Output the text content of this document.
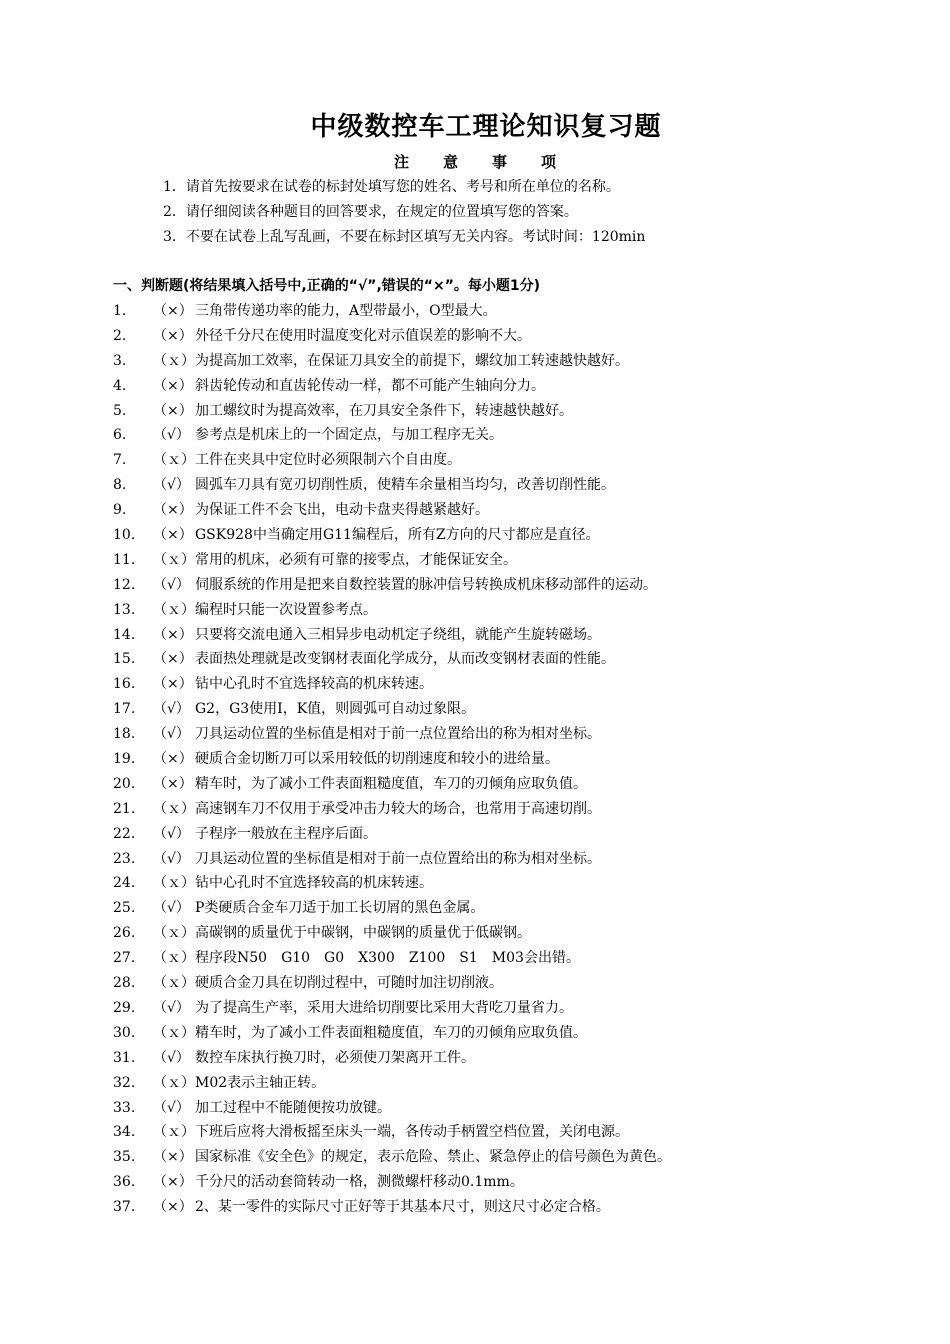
中级数控车工理论知识复习题
注意事项
1．请首先按要求在试卷的标封处填写您的姓名、考号和所在单位的名称。
2．请仔细阅读各种题目的回答要求，在规定的位置填写您的答案。
3．不要在试卷上乱写乱画，不要在标封区填写无关内容。考试时间：120min
一、判断题(将结果填入括号中,正确的“√”,错误的“×”。每小题1分)
1.	（×） 三角带传递功率的能力，A型带最小，O型最大。
2.	（×） 外径千分尺在使用时温度变化对示值误差的影响不大。
3.	（ｘ） 为提高加工效率，在保证刀具安全的前提下，螺纹加工转速越快越好。
4.	（×） 斜齿轮传动和直齿轮传动一样，都不可能产生轴向分力。
5.	（×） 加工螺纹时为提高效率，在刀具安全条件下，转速越快越好。
6.	（√） 参考点是机床上的一个固定点，与加工程序无关。
7.	（ｘ） 工件在夹具中定位时必须限制六个自由度。
8.	（√） 圆弧车刀具有宽刃切削性质，使精车余量相当均匀，改善切削性能。
9.	（×） 为保证工件不会飞出，电动卡盘夹得越紧越好。
10.	（×） GSK928中当确定用G11编程后，所有Z方向的尺寸都应是直径。
11.	（ｘ） 常用的机床，必须有可靠的接零点，才能保证安全。
12.	（√） 伺服系统的作用是把来自数控装置的脉冲信号转换成机床移动部件的运动。
13.	（ｘ） 编程时只能一次设置参考点。
14.	（×） 只要将交流电通入三相异步电动机定子绕组，就能产生旋转磁场。
15.	（×） 表面热处理就是改变钢材表面化学成分，从而改变钢材表面的性能。
16.	（×） 钻中心孔时不宜选择较高的机床转速。
17.	（√） G2，G3使用I，K值，则圆弧可自动过象限。
18.	（√） 刀具运动位置的坐标值是相对于前一点位置给出的称为相对坐标。
19.	（×） 硬质合金切断刀可以采用较低的切削速度和较小的进给量。
20.	（×） 精车时，为了减小工件表面粗糙度值，车刀的刃倾角应取负值。
21.	（ｘ） 高速钢车刀不仅用于承受冲击力较大的场合，也常用于高速切削。
22.	（√） 子程序一般放在主程序后面。
23.	（√） 刀具运动位置的坐标值是相对于前一点位置给出的称为相对坐标。
24.	（ｘ） 钻中心孔时不宜选择较高的机床转速。
25.	（√） P类硬质合金车刀适于加工长切屑的黑色金属。
26.	（ｘ） 高碳钢的质量优于中碳钢，中碳钢的质量优于低碳钢。
27.	（ｘ） 程序段N50　G10　G0　X300　Z100　S1　M03会出错。
28.	（ｘ） 硬质合金刀具在切削过程中，可随时加注切削液。
29.	（√） 为了提高生产率，采用大进给切削要比采用大背吃刀量省力。
30.	（ｘ） 精车时，为了减小工件表面粗糙度值，车刀的刃倾角应取负值。
31.	（√） 数控车床执行换刀时，必须使刀架离开工件。
32.	（ｘ） M02表示主轴正转。
33.	（√） 加工过程中不能随便按功放键。
34.	（ｘ） 下班后应将大滑板摇至床头一端，各传动手柄置空档位置，关闭电源。
35.	（×） 国家标准《安全色》的规定，表示危险、禁止、紧急停止的信号颜色为黄色。
36.	（×） 千分尺的活动套筒转动一格，测微螺杆移动0.1mm。
37.	（×） 2、某一零件的实际尺寸正好等于其基本尺寸，则这尺寸必定合格。
